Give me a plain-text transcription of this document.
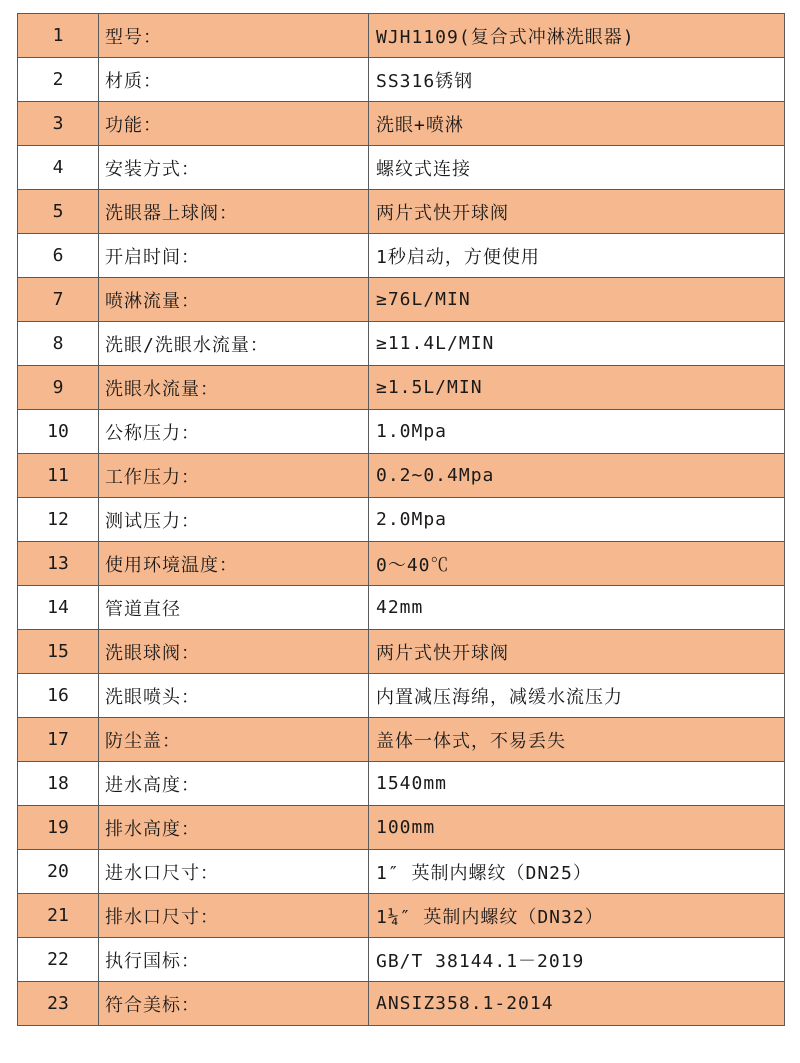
1	型号：	WJH1109(复合式冲淋洗眼器)
2	材质：	SS316锈钢
3	功能：	洗眼+喷淋
4	安装方式：	螺纹式连接
5	洗眼器上球阀：	两片式快开球阀
6	开启时间：	1秒启动，方便使用
7	喷淋流量：	≥76L/MIN
8	洗眼/洗眼水流量：	≥11.4L/MIN
9	洗眼水流量：	≥1.5L/MIN
10	公称压力：	1.0Mpa
11	工作压力：	0.2~0.4Mpa
12	测试压力：	2.0Mpa
13	使用环境温度：	0～40℃
14	管道直径	42mm
15	洗眼球阀：	两片式快开球阀
16	洗眼喷头：	内置减压海绵，减缓水流压力
17	防尘盖：	盖体一体式，不易丢失
18	进水高度：	1540mm
19	排水高度：	100mm
20	进水口尺寸：	1″ 英制内螺纹（DN25）
21	排水口尺寸：	1¼″ 英制内螺纹（DN32）
22	执行国标：	GB/T 38144.1－2019
23	符合美标：	ANSIZ358.1-2014
